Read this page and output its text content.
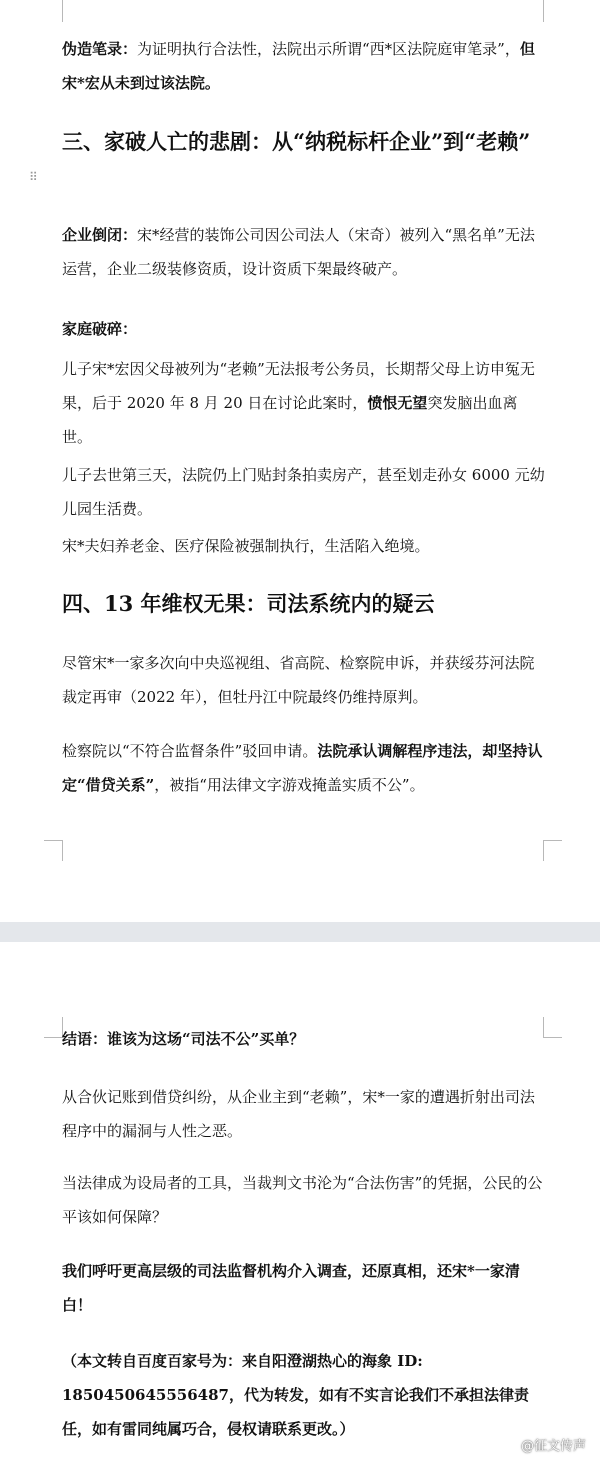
伪造笔录：为证明执行合法性，法院出示所谓“西*区法院庭审笔录”，但宋*宏从未到过该法院。

⠿

三、家破人亡的悲剧：从“纳税标杆企业”到“老赖”

企业倒闭：宋*经营的装饰公司因公司法人（宋奇）被列入“黑名单”无法运营，企业二级装修资质，设计资质下架最终破产。

家庭破碎：

儿子宋*宏因父母被列为“老赖”无法报考公务员，长期帮父母上访申冤无果，后于 2020 年 8 月 20 日在讨论此案时，愤恨无望突发脑出血离世。

儿子去世第三天，法院仍上门贴封条拍卖房产，甚至划走孙女 6000 元幼儿园生活费。

宋*夫妇养老金、医疗保险被强制执行，生活陷入绝境。

四、13 年维权无果：司法系统内的疑云

尽管宋*一家多次向中央巡视组、省高院、检察院申诉，并获绥芬河法院裁定再审（2022 年），但牡丹江中院最终仍维持原判。

检察院以“不符合监督条件”驳回申请。法院承认调解程序违法，却坚持认定“借贷关系”，被指“用法律文字游戏掩盖实质不公”。

结语：谁该为这场“司法不公”买单？

从合伙记账到借贷纠纷，从企业主到“老赖”，宋*一家的遭遇折射出司法程序中的漏洞与人性之恶。

当法律成为设局者的工具，当裁判文书沦为“合法伤害”的凭据，公民的公平该如何保障？

我们呼吁更高层级的司法监督机构介入调查，还原真相，还宋*一家清白！

（本文转自百度百家号为：来自阳澄湖热心的海象 ID: 1850450645556487，代为转发，如有不实言论我们不承担法律责任，如有雷同纯属巧合，侵权请联系更改。）

@征文传声
